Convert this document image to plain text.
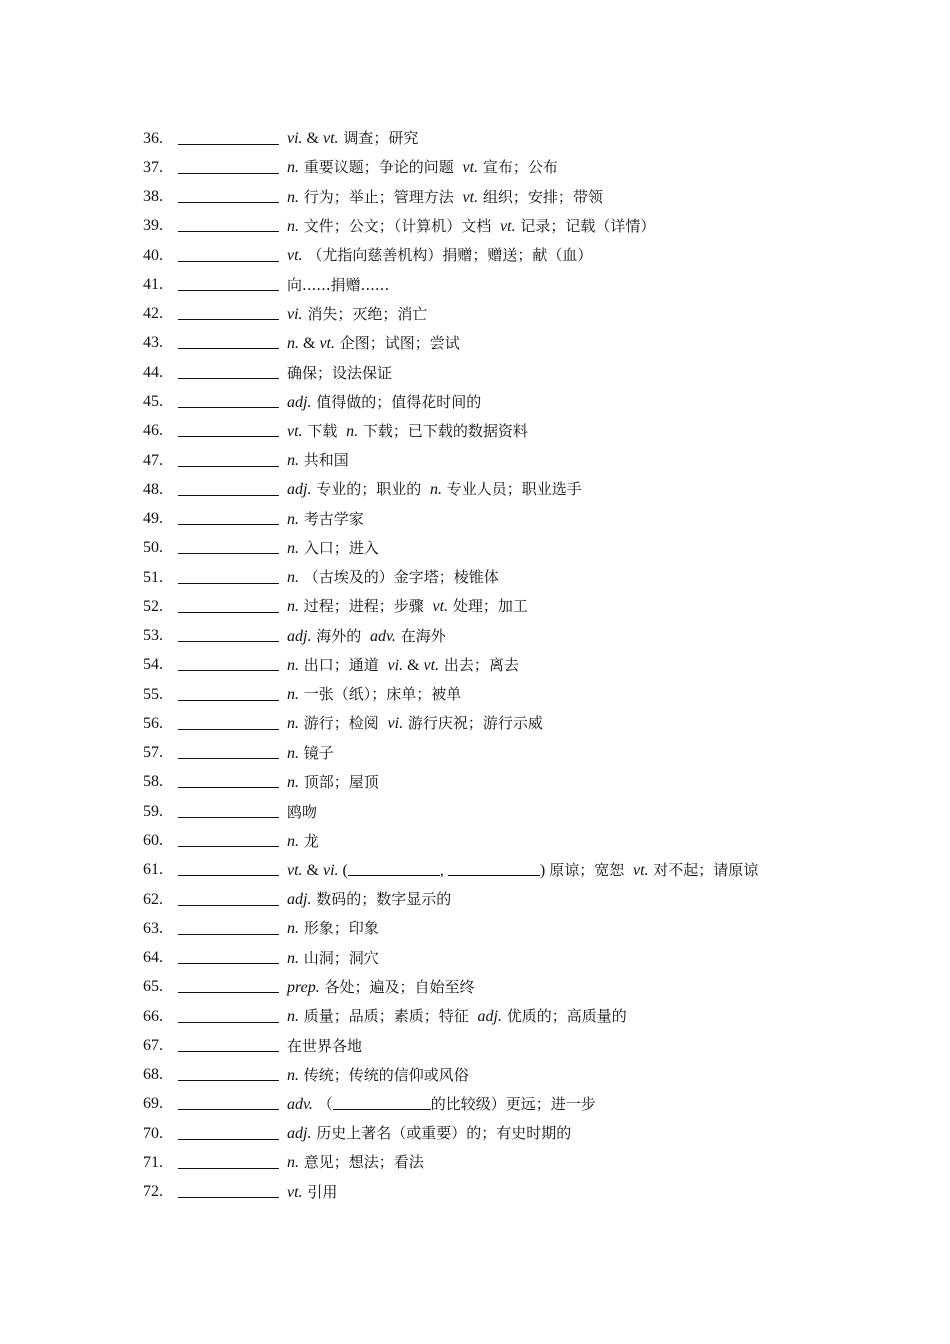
36.	vi. & vt. 调查；研究
37.	n. 重要议题；争论的问题 vt. 宣布；公布
38.	n. 行为；举止；管理方法 vt. 组织；安排；带领
39.	n. 文件；公文；（计算机）文档 vt. 记录；记载（详情）
40.	vt. （尤指向慈善机构）捐赠；赠送；献（血）
41.	向......捐赠......
42.	vi. 消失；灭绝；消亡
43.	n. & vt. 企图；试图；尝试
44.	确保；设法保证
45.	adj. 值得做的；值得花时间的
46.	vt. 下载 n. 下载；已下载的数据资料
47.	n. 共和国
48.	adj. 专业的；职业的 n. 专业人员；职业选手
49.	n. 考古学家
50.	n. 入口；进入
51.	n. （古埃及的）金字塔；棱锥体
52.	n. 过程；进程；步骤 vt. 处理；加工
53.	adj. 海外的 adv. 在海外
54.	n. 出口；通道 vi. & vt. 出去；离去
55.	n. 一张（纸）；床单；被单
56.	n. 游行；检阅 vi. 游行庆祝；游行示威
57.	n. 镜子
58.	n. 顶部；屋顶
59.	鸥吻
60.	n. 龙
61.	vt. & vi. (	,	) 原谅；宽恕 vt. 对不起；请原谅
62.	adj. 数码的；数字显示的
63.	n. 形象；印象
64.	n. 山洞；洞穴
65.	prep. 各处；遍及；自始至终
66.	n. 质量；品质；素质；特征 adj. 优质的；高质量的
67.	在世界各地
68.	n. 传统；传统的信仰或风俗
69.	adv. （	的比较级）更远；进一步
70.	adj. 历史上著名（或重要）的；有史时期的
71.	n. 意见；想法；看法
72.	vt. 引用
